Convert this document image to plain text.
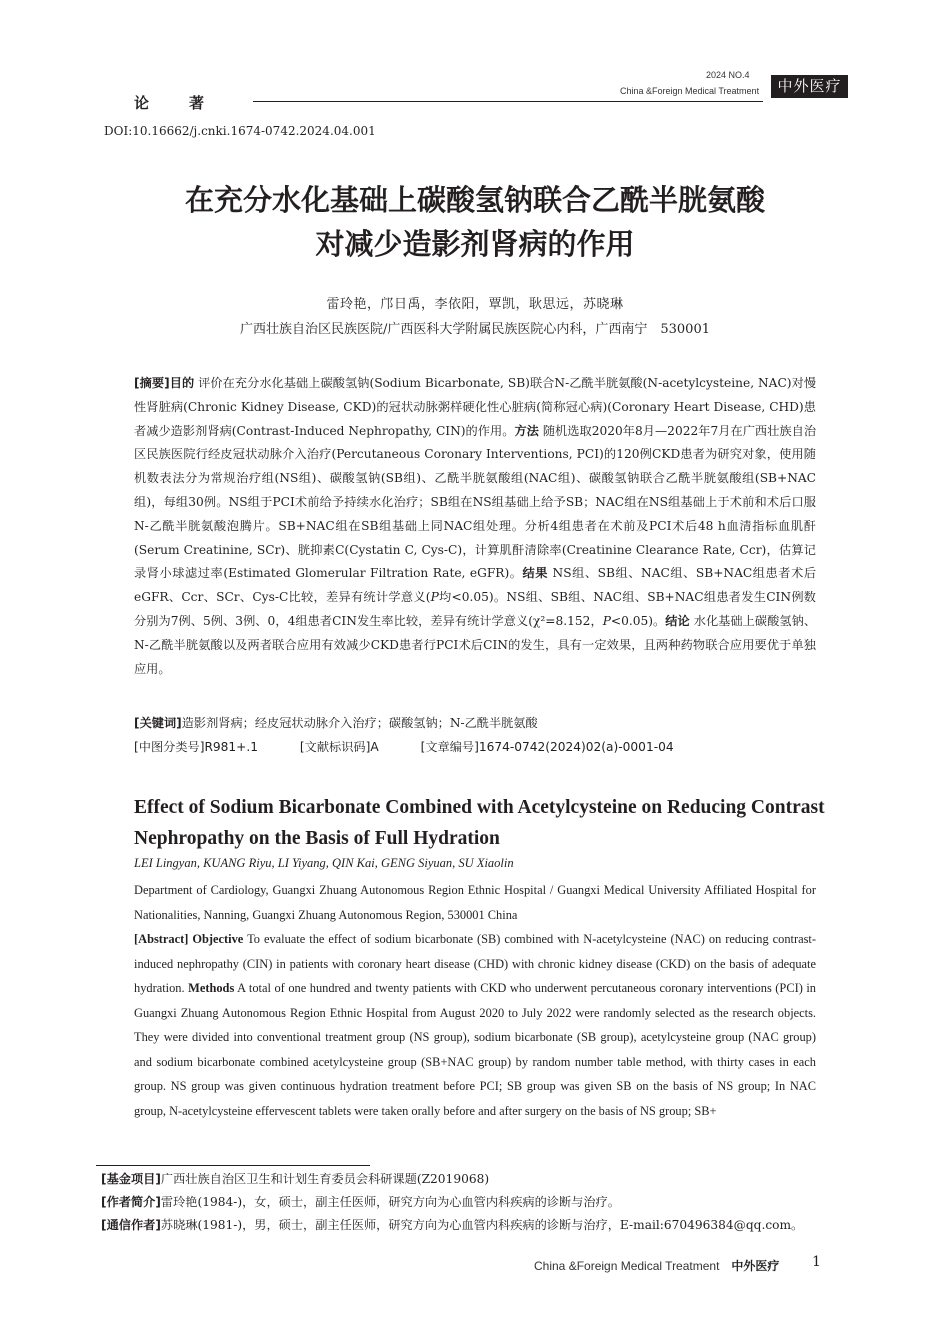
论著
2024 NO.4
China &Foreign Medical Treatment	中外医疗
DOI:10.16662/j.cnki.1674-0742.2024.04.001
在充分水化基础上碳酸氢钠联合乙酰半胱氨酸
对减少造影剂肾病的作用
雷玲艳，邝日禹，李依阳，覃凯，耿思远，苏晓琳
广西壮族自治区民族医院/广西医科大学附属民族医院心内科，广西南宁　530001

[摘要]目的 评价在充分水化基础上碳酸氢钠(Sodium Bicarbonate, SB)联合N-乙酰半胱氨酸(N-acetylcysteine, NAC)对慢性肾脏病(Chronic Kidney Disease, CKD)的冠状动脉粥样硬化性心脏病(简称冠心病)(Coronary Heart Disease, CHD)患者减少造影剂肾病(Contrast-Induced Nephropathy, CIN)的作用。方法 随机选取2020年8月—2022年7月在广西壮族自治区民族医院行经皮冠状动脉介入治疗(Percutaneous Coronary Interventions, PCI)的120例CKD患者为研究对象，使用随机数表法分为常规治疗组(NS组)、碳酸氢钠(SB组)、乙酰半胱氨酸组(NAC组)、碳酸氢钠联合乙酰半胱氨酸组(SB+NAC组)，每组30例。NS组于PCI术前给予持续水化治疗；SB组在NS组基础上给予SB；NAC组在NS组基础上于术前和术后口服N-乙酰半胱氨酸泡腾片。SB+NAC组在SB组基础上同NAC组处理。分析4组患者在术前及PCI术后48 h血清指标血肌酐(Serum Creatinine, SCr)、胱抑素C(Cystatin C, Cys-C)，计算肌酐清除率(Creatinine Clearance Rate, Ccr)，估算记录肾小球滤过率(Estimated Glomerular Filtration Rate, eGFR)。结果 NS组、SB组、NAC组、SB+NAC组患者术后eGFR、Ccr、SCr、Cys-C比较，差异有统计学意义(P均<0.05)。NS组、SB组、NAC组、SB+NAC组患者发生CIN例数分别为7例、5例、3例、0，4组患者CIN发生率比较，差异有统计学意义(χ²=8.152，P<0.05)。结论 水化基础上碳酸氢钠、N-乙酰半胱氨酸以及两者联合应用有效减少CKD患者行PCI术后CIN的发生，具有一定效果，且两种药物联合应用要优于单独应用。

[关键词]造影剂肾病；经皮冠状动脉介入治疗；碳酸氢钠；N-乙酰半胱氨酸
[中图分类号]R981+.1	[文献标识码]A	[文章编号]1674-0742(2024)02(a)-0001-04
Effect of Sodium Bicarbonate Combined with Acetylcysteine on Reducing Contrast Nephropathy on the Basis of Full Hydration
LEI Lingyan, KUANG Riyu, LI Yiyang, QIN Kai, GENG Siyuan, SU Xiaolin

Department of Cardiology, Guangxi Zhuang Autonomous Region Ethnic Hospital / Guangxi Medical University Affiliated Hospital for Nationalities, Nanning, Guangxi Zhuang Autonomous Region, 530001 China

[Abstract] Objective To evaluate the effect of sodium bicarbonate (SB) combined with N-acetylcysteine (NAC) on reducing contrast-induced nephropathy (CIN) in patients with coronary heart disease (CHD) with chronic kidney disease (CKD) on the basis of adequate hydration. Methods A total of one hundred and twenty patients with CKD who underwent percutaneous coronary interventions (PCI) in Guangxi Zhuang Autonomous Region Ethnic Hospital from August 2020 to July 2022 were randomly selected as the research objects. They were divided into conventional treatment group (NS group), sodium bicarbonate (SB group), acetylcysteine group (NAC group) and sodium bicarbonate combined acetylcysteine group (SB+NAC group) by random number table method, with thirty cases in each group. NS group was given continuous hydration treatment before PCI; SB group was given SB on the basis of NS group; In NAC group, N-acetylcysteine effervescent tablets were taken orally before and after surgery on the basis of NS group; SB+

[基金项目]广西壮族自治区卫生和计划生育委员会科研课题(Z2019068)
[作者简介]雷玲艳(1984-)，女，硕士，副主任医师，研究方向为心血管内科疾病的诊断与治疗。
[通信作者]苏晓琳(1981-)，男，硕士，副主任医师，研究方向为心血管内科疾病的诊断与治疗，E-mail:670496384@qq.com。
China &Foreign Medical Treatment 中外医疗 1
